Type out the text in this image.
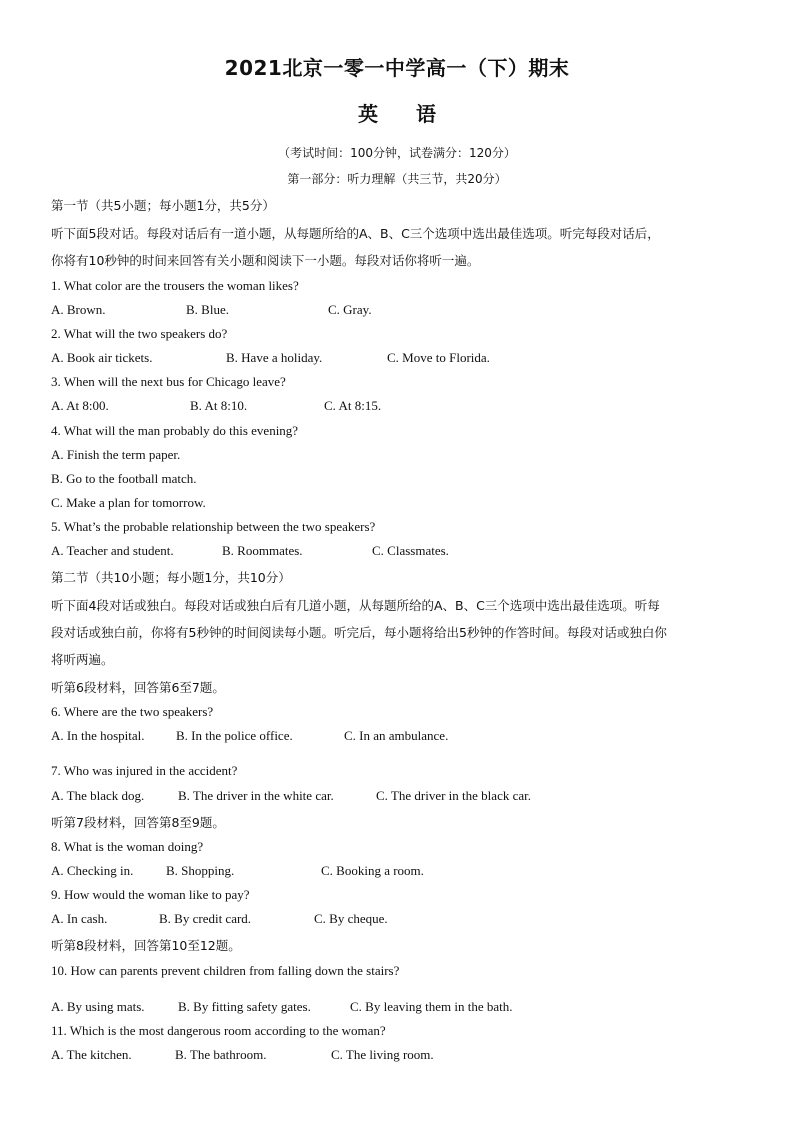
2021北京一零一中学高一（下）期末
英语
（考试时间：100分钟，试卷满分：120分）
第一部分：听力理解（共三节，共20分）
第一节（共5小题；每小题1分，共5分）
听下面5段对话。每段对话后有一道小题，从每题所给的A、B、C三个选项中选出最佳选项。听完每段对话后，
你将有10秒钟的时间来回答有关小题和阅读下一小题。每段对话你将听一遍。
1. What color are the trousers the woman likes?
A. Brown.	B. Blue.	C. Gray.
2. What will the two speakers do?
A. Book air tickets.	B. Have a holiday.	C. Move to Florida.
3. When will the next bus for Chicago leave?
A. At 8:00.	B. At 8:10.	C. At 8:15.
4. What will the man probably do this evening?
A. Finish the term paper.
B. Go to the football match.
C. Make a plan for tomorrow.
5. What’s the probable relationship between the two speakers?
A. Teacher and student.	B. Roommates.	C. Classmates.
第二节（共10小题；每小题1分，共10分）
听下面4段对话或独白。每段对话或独白后有几道小题，从每题所给的A、B、C三个选项中选出最佳选项。听每
段对话或独白前，你将有5秒钟的时间阅读每小题。听完后，每小题将给出5秒钟的作答时间。每段对话或独白你
将听两遍。
听第6段材料，回答第6至7题。
6. Where are the two speakers?
A. In the hospital. B. In the police office.	C. In an ambulance.
7. Who was injured in the accident?
A. The black dog.	B. The driver in the white car.	C. The driver in the black car.
听第7段材料，回答第8至9题。
8. What is the woman doing?
A. Checking in.	B. Shopping.	C. Booking a room.
9. How would the woman like to pay?
A. In cash.	B. By credit card.	C. By cheque.
听第8段材料，回答第10至12题。
10. How can parents prevent children from falling down the stairs?
A. By using mats.	B. By fitting safety gates.	C. By leaving them in the bath.
11. Which is the most dangerous room according to the woman?
A. The kitchen.	B. The bathroom.	C. The living room.
